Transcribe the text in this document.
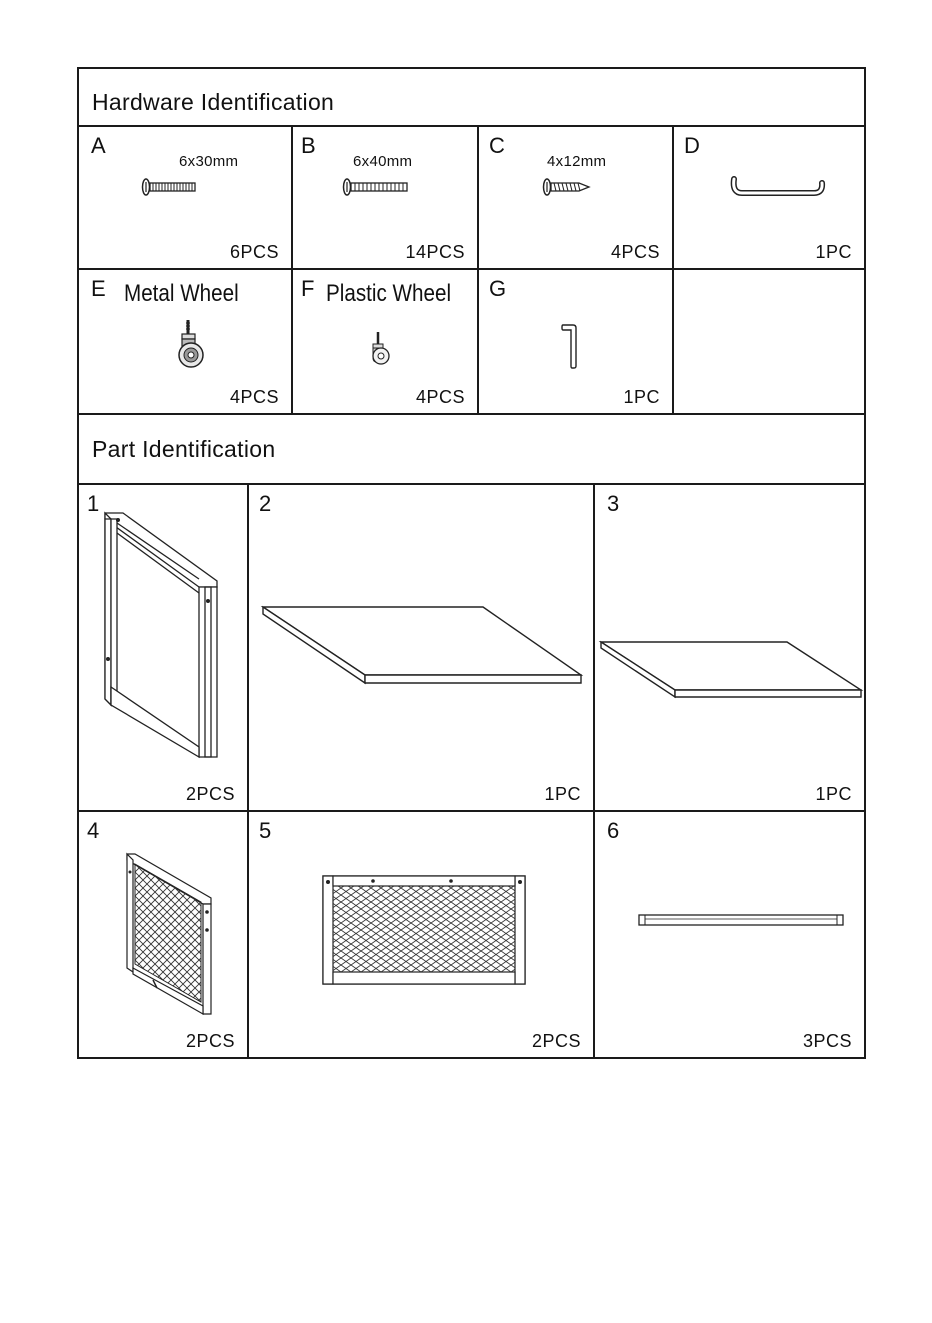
Hardware Identification
Part Identification
A
6x30mm
6PCS
B
6x40mm
14PCS
C
4x12mm
4PCS
D
1PC
E Metal Wheel
4PCS
F Plastic Wheel
4PCS
G
1PC
1
2PCS
2
1PC
3
1PC
4
2PCS
5
2PCS
6
3PCS
